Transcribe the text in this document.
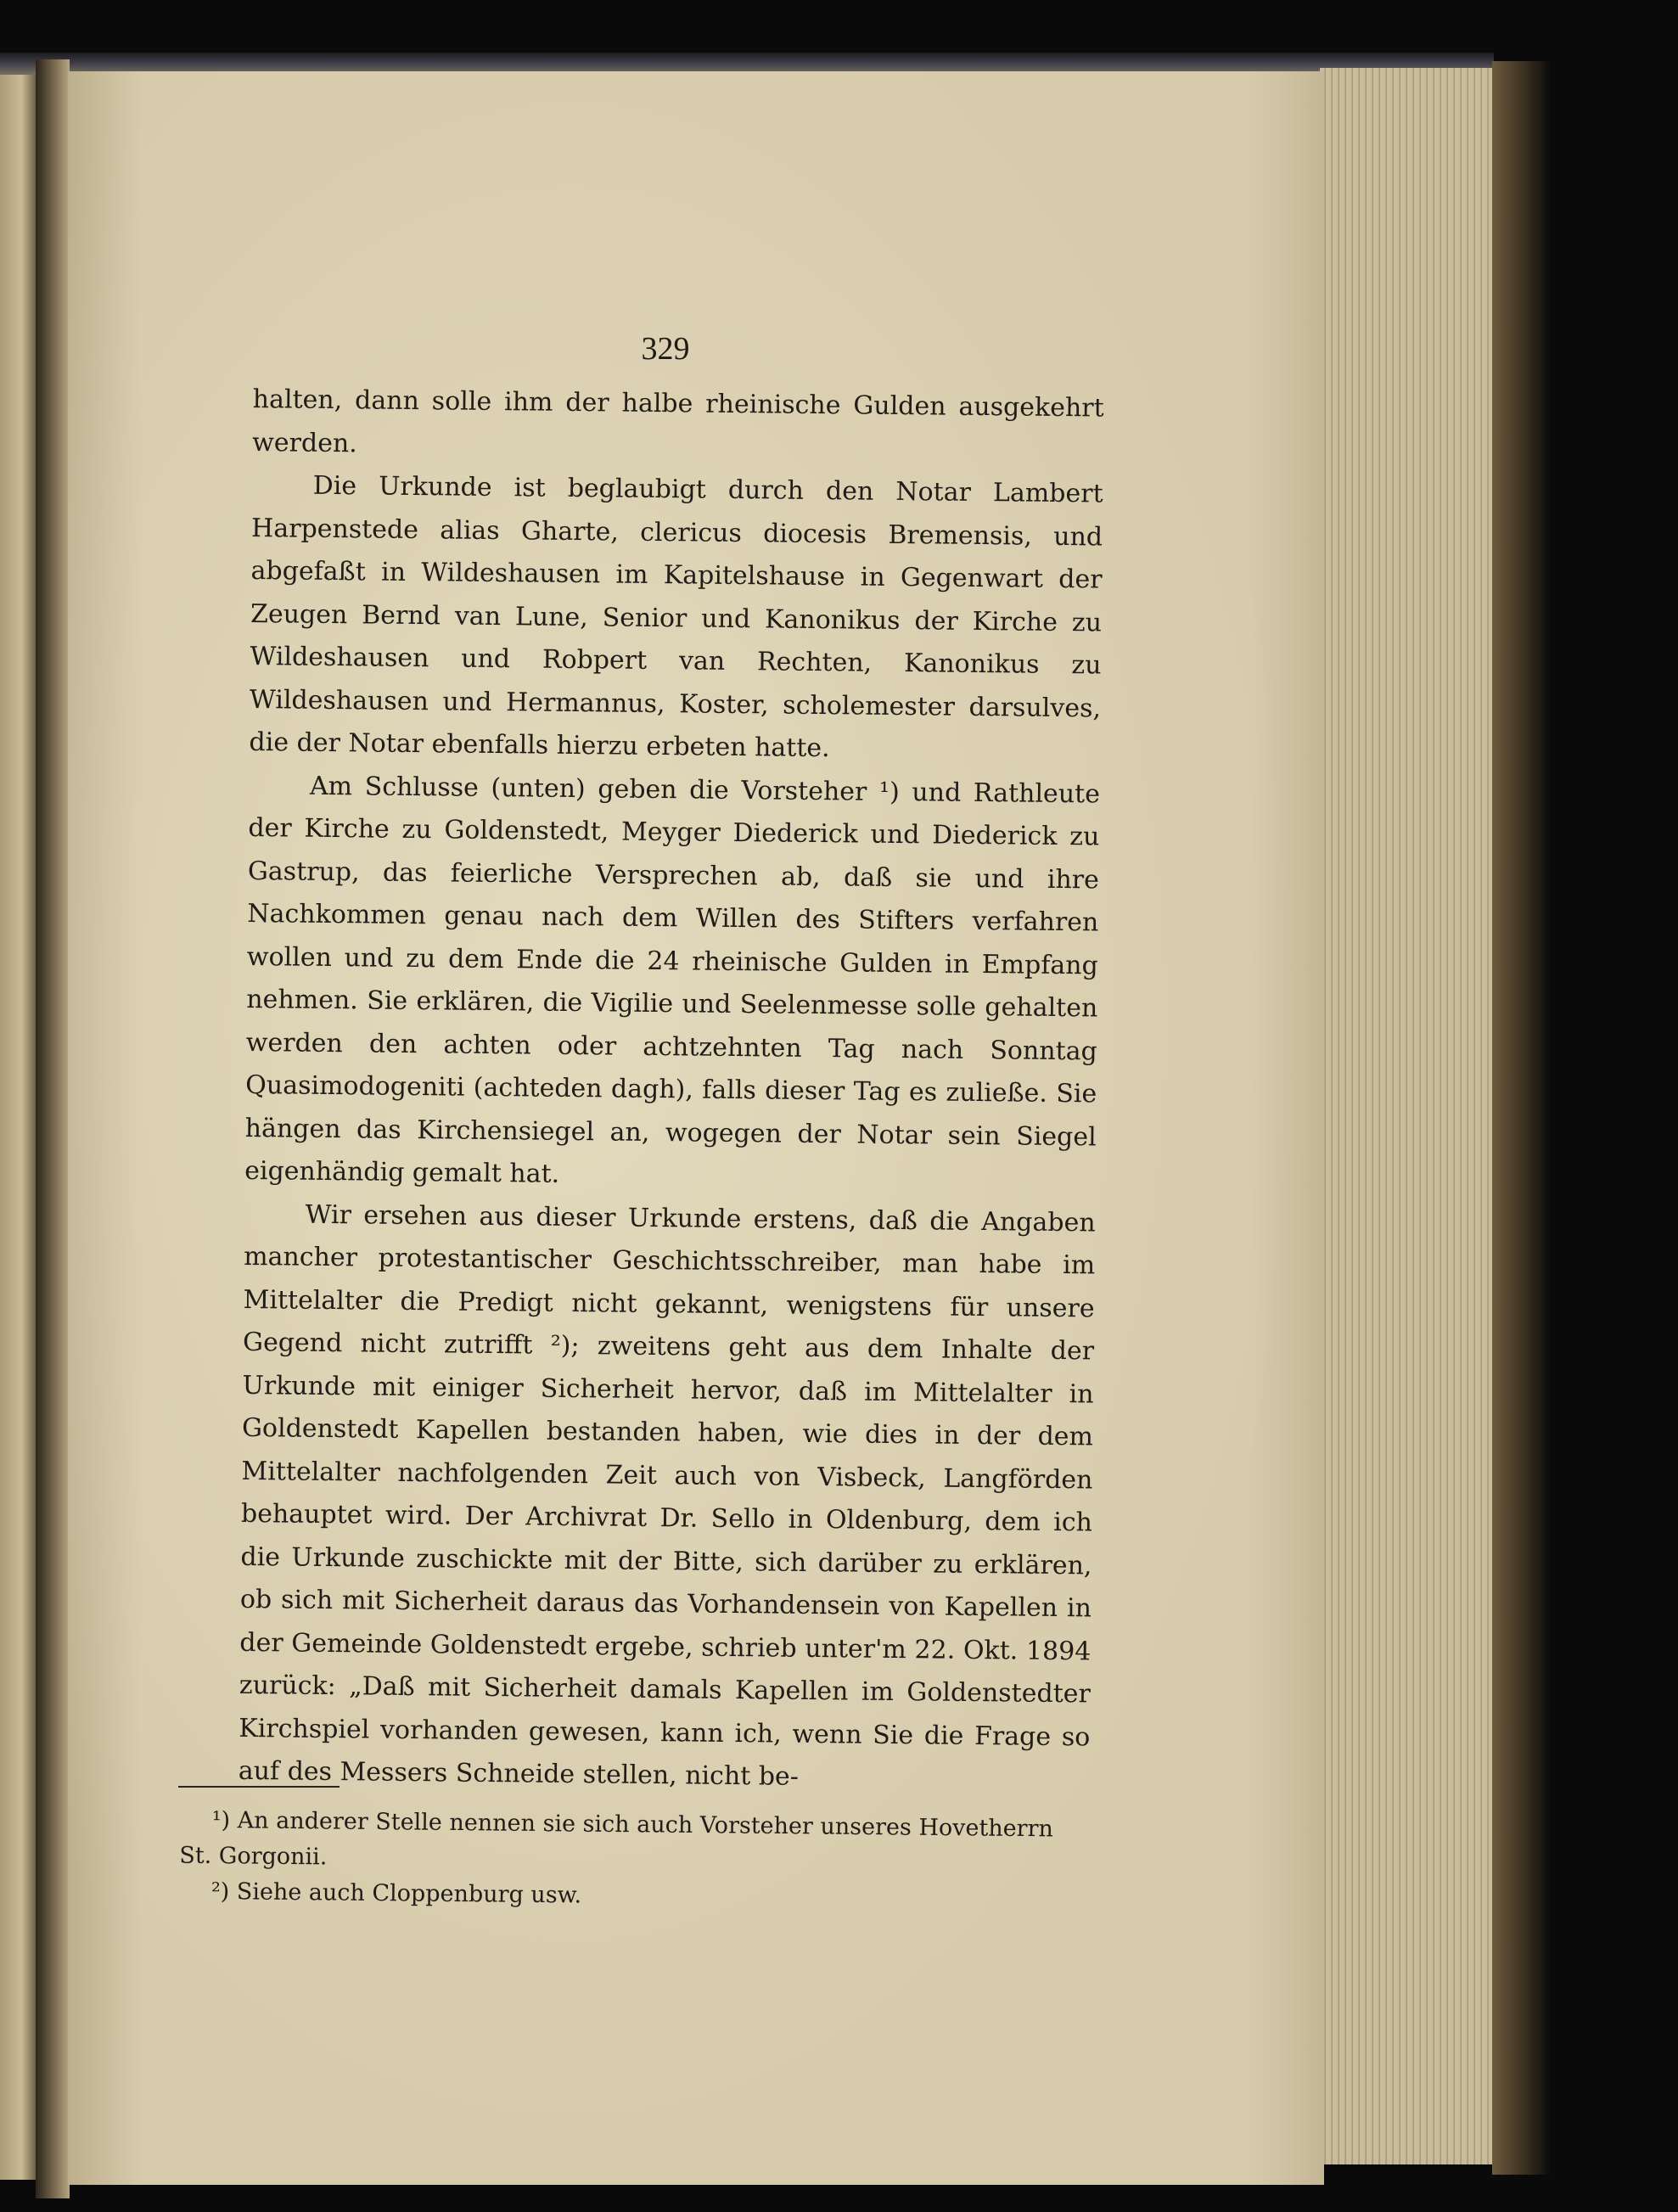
329

halten, dann solle ihm der halbe rheinische Gulden ausgekehrt werden.

Die Urkunde ist beglaubigt durch den Notar Lambert Harpenstede alias Gharte, clericus diocesis Bremensis, und abgefaßt in Wildeshausen im Kapitelshause in Gegenwart der Zeugen Bernd van Lune, Senior und Kanonikus der Kirche zu Wildeshausen und Robpert van Rechten, Kanonikus zu Wildeshausen und Hermannus, Koster, scholemester darsulves, die der Notar ebenfalls hierzu erbeten hatte.

Am Schlusse (unten) geben die Vorsteher ¹) und Rathleute der Kirche zu Goldenstedt, Meyger Diederick und Diederick zu Gastrup, das feierliche Versprechen ab, daß sie und ihre Nachkommen genau nach dem Willen des Stifters verfahren wollen und zu dem Ende die 24 rheinische Gulden in Empfang nehmen. Sie erklären, die Vigilie und Seelenmesse solle gehalten werden den achten oder achtzehnten Tag nach Sonntag Quasimodogeniti (achteden dagh), falls dieser Tag es zuließe. Sie hängen das Kirchensiegel an, wogegen der Notar sein Siegel eigenhändig gemalt hat.

Wir ersehen aus dieser Urkunde erstens, daß die Angaben mancher protestantischer Geschichtsschreiber, man habe im Mittelalter die Predigt nicht gekannt, wenigstens für unsere Gegend nicht zutrifft ²); zweitens geht aus dem Inhalte der Urkunde mit einiger Sicherheit hervor, daß im Mittelalter in Goldenstedt Kapellen bestanden haben, wie dies in der dem Mittelalter nachfolgenden Zeit auch von Visbeck, Langförden behauptet wird. Der Archivrat Dr. Sello in Oldenburg, dem ich die Urkunde zuschickte mit der Bitte, sich darüber zu erklären, ob sich mit Sicherheit daraus das Vorhandensein von Kapellen in der Gemeinde Goldenstedt ergebe, schrieb unter'm 22. Okt. 1894 zurück: „Daß mit Sicherheit damals Kapellen im Goldenstedter Kirchspiel vorhanden gewesen, kann ich, wenn Sie die Frage so auf des Messers Schneide stellen, nicht be-

¹) An anderer Stelle nennen sie sich auch Vorsteher unseres Hovetherrn

St. Gorgonii.

²) Siehe auch Cloppenburg usw.
